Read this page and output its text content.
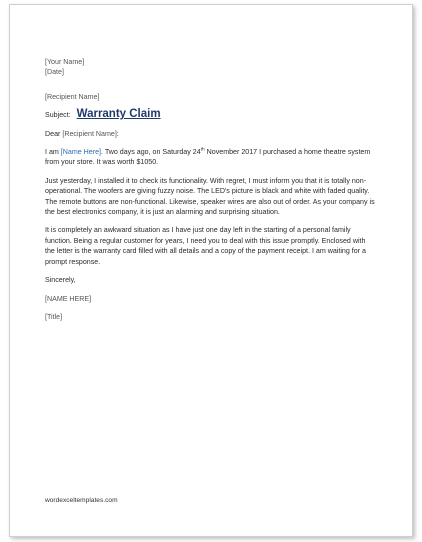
[Your Name]
[Date]
[Recipient Name]
Subject: Warranty Claim
Dear [Recipient Name]:
I am [Name Here]. Two days ago, on Saturday 24th November 2017 I purchased a home theatre system
from your store. It was worth $1050.
Just yesterday, I installed it to check its functionality. With regret, I must inform you that it is totally non-
operational. The woofers are giving fuzzy noise. The LED's picture is black and white with faded quality.
The remote buttons are non-functional. Likewise, speaker wires are also out of order. As your company is
the best electronics company, it is just an alarming and surprising situation.
It is completely an awkward situation as I have just one day left in the starting of a personal family
function. Being a regular customer for years, I need you to deal with this issue promptly. Enclosed with
the letter is the warranty card filled with all details and a copy of the payment receipt. I am waiting for a
prompt response.
Sincerely,
[NAME HERE]
[Title]
wordexceltemplates.com
